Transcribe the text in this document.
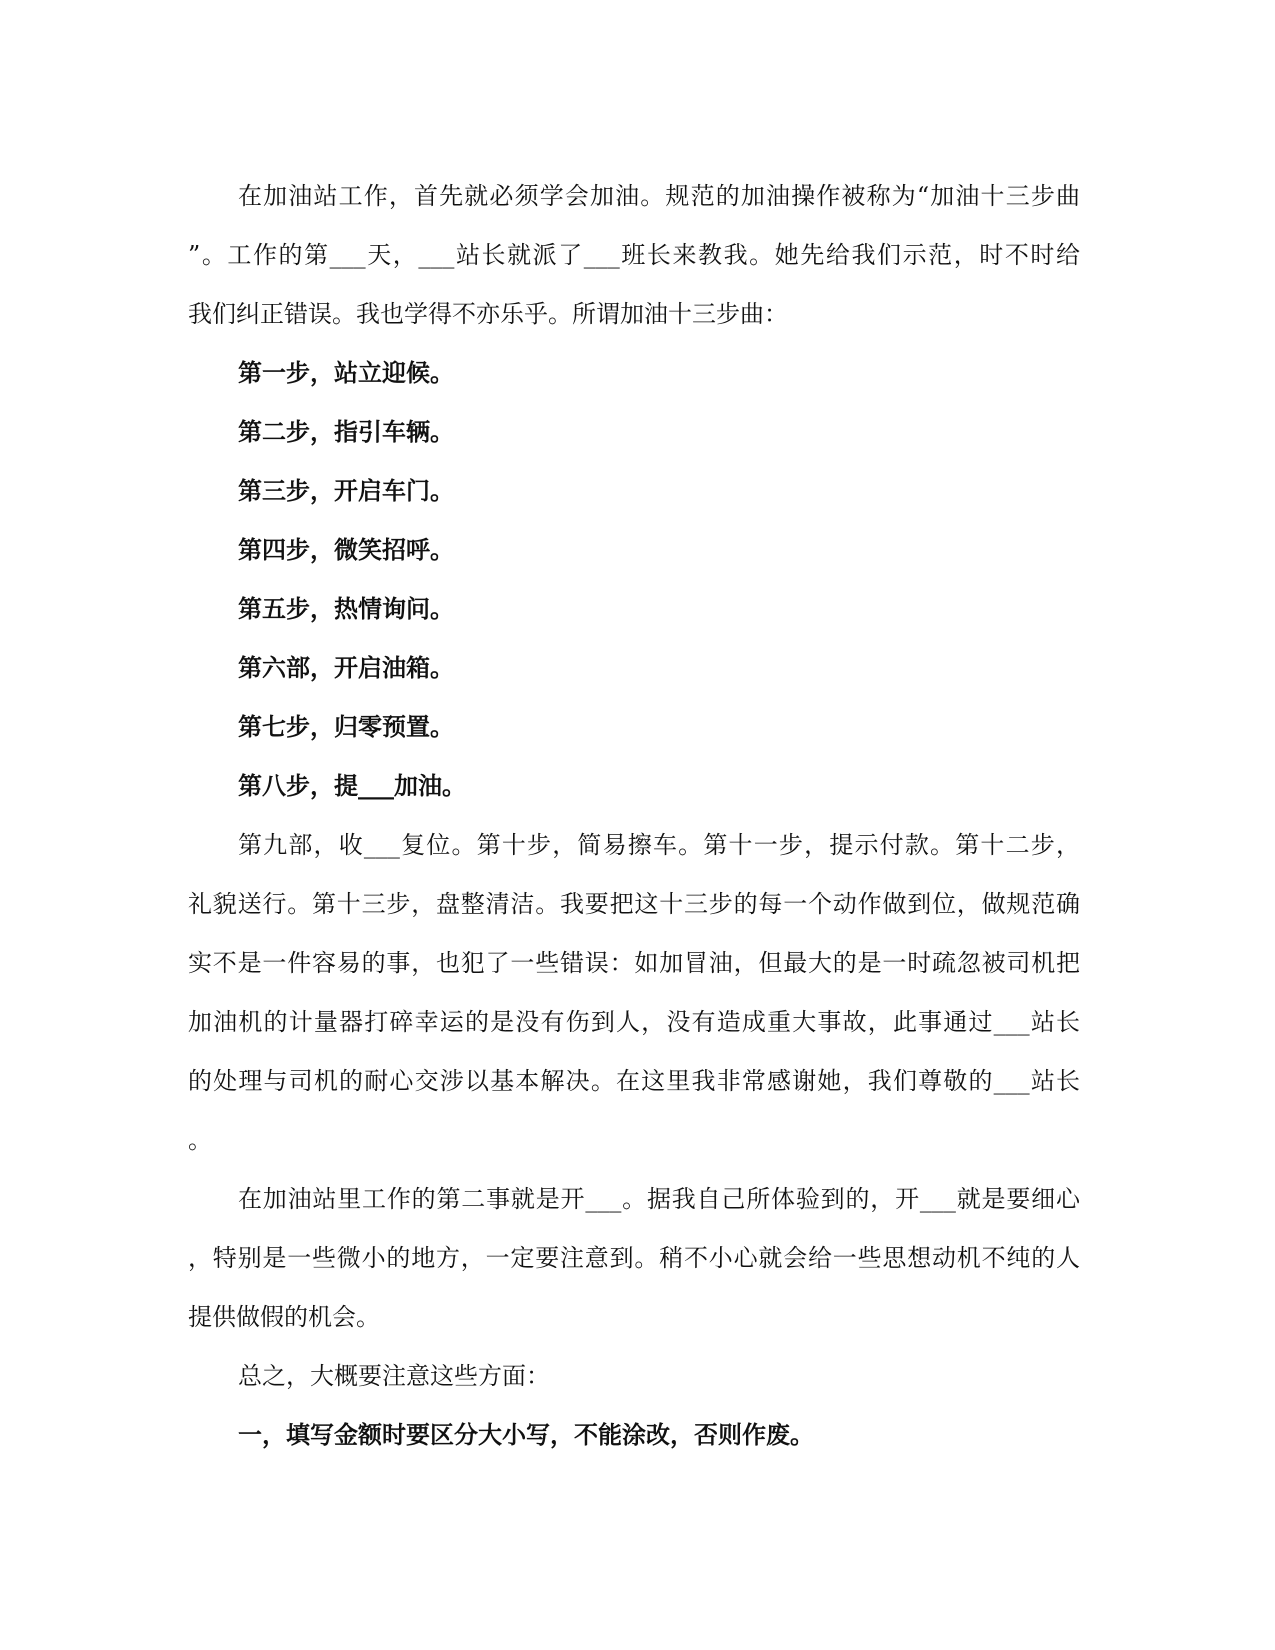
在加油站工作，首先就必须学会加油。规范的加油操作被称为“加油十三步曲
”。工作的第___天，___站长就派了___班长来教我。她先给我们示范，时不时给
我们纠正错误。我也学得不亦乐乎。所谓加油十三步曲：
第一步，站立迎候。
第二步，指引车辆。
第三步，开启车门。
第四步，微笑招呼。
第五步，热情询问。
第六部，开启油箱。
第七步，归零预置。
第八步，提___加油。
第九部，收___复位。第十步，简易擦车。第十一步，提示付款。第十二步，
礼貌送行。第十三步，盘整清洁。我要把这十三步的每一个动作做到位，做规范确
实不是一件容易的事，也犯了一些错误：如加冒油，但最大的是一时疏忽被司机把
加油机的计量器打碎幸运的是没有伤到人，没有造成重大事故，此事通过___站长
的处理与司机的耐心交涉以基本解决。在这里我非常感谢她，我们尊敬的___站长
。
在加油站里工作的第二事就是开___。据我自己所体验到的，开___就是要细心
，特别是一些微小的地方，一定要注意到。稍不小心就会给一些思想动机不纯的人
提供做假的机会。
总之，大概要注意这些方面：
一，填写金额时要区分大小写，不能涂改，否则作废。
